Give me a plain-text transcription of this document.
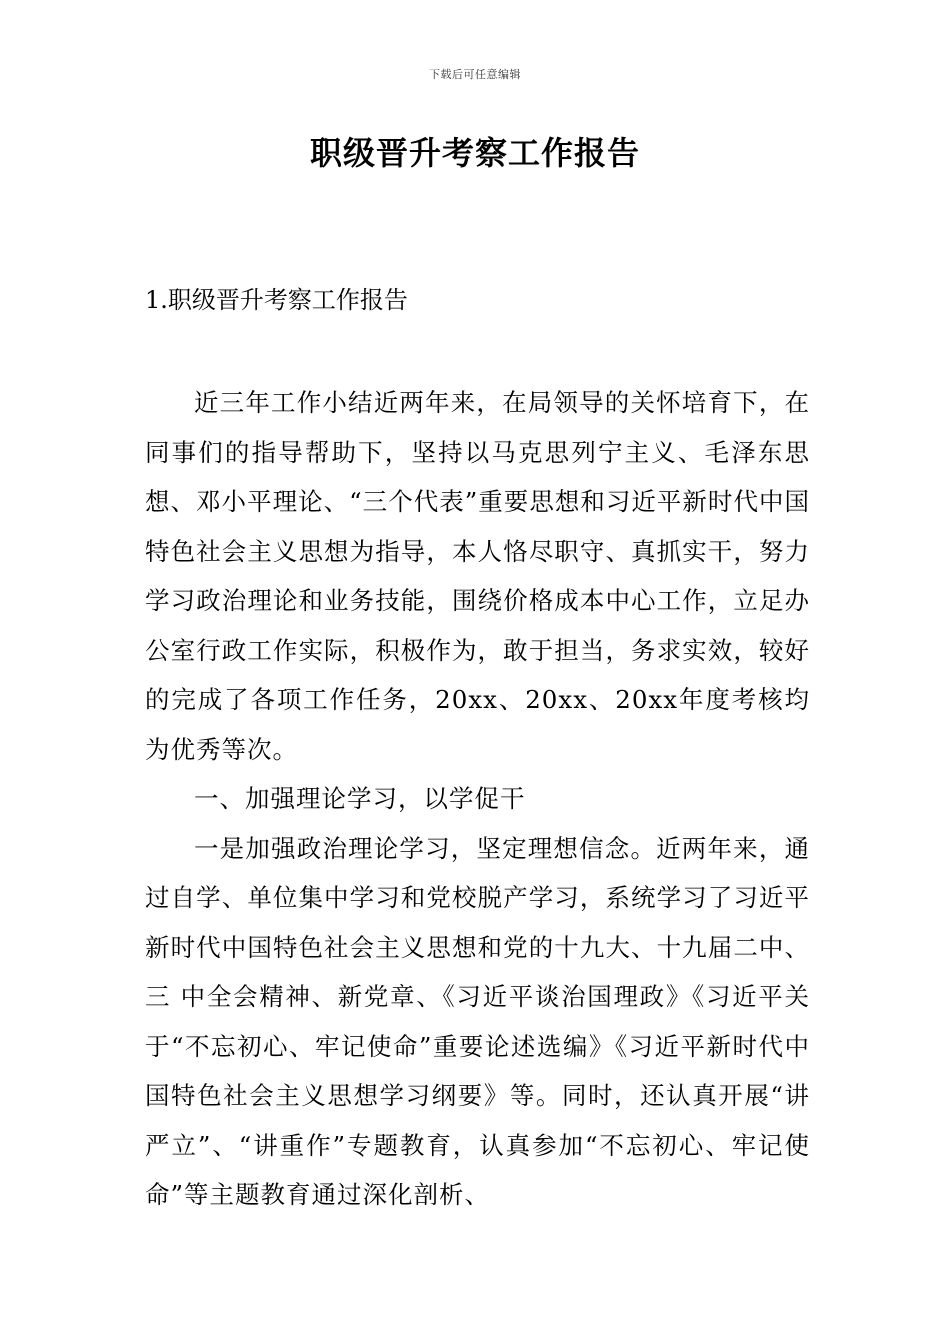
下载后可任意编辑
职级晋升考察工作报告
1.职级晋升考察工作报告

近三年工作小结近两年来，在局领导的关怀培育下，在同事们的指导帮助下，坚持以马克思列宁主义、毛泽东思想、邓小平理论、“三个代表”重要思想和习近平新时代中国特色社会主义思想为指导，本人恪尽职守、真抓实干，努力学习政治理论和业务技能，围绕价格成本中心工作，立足办公室行政工作实际，积极作为，敢于担当，务求实效，较好的完成了各项工作任务，20xx、20xx、20xx年度考核均为优秀等次。

一、加强理论学习，以学促干

一是加强政治理论学习，坚定理想信念。近两年来，通过自学、单位集中学习和党校脱产学习，系统学习了习近平新时代中国特色社会主义思想和党的十九大、十九届二中、三 中全会精神、新党章、《习近平谈治国理政》《习近平关于“不忘初心、牢记使命”重要论述选编》《习近平新时代中国特色社会主义思想学习纲要》等。同时，还认真开展“讲严立”、“讲重作”专题教育，认真参加“不忘初心、牢记使命”等主题教育通过深化剖析、
